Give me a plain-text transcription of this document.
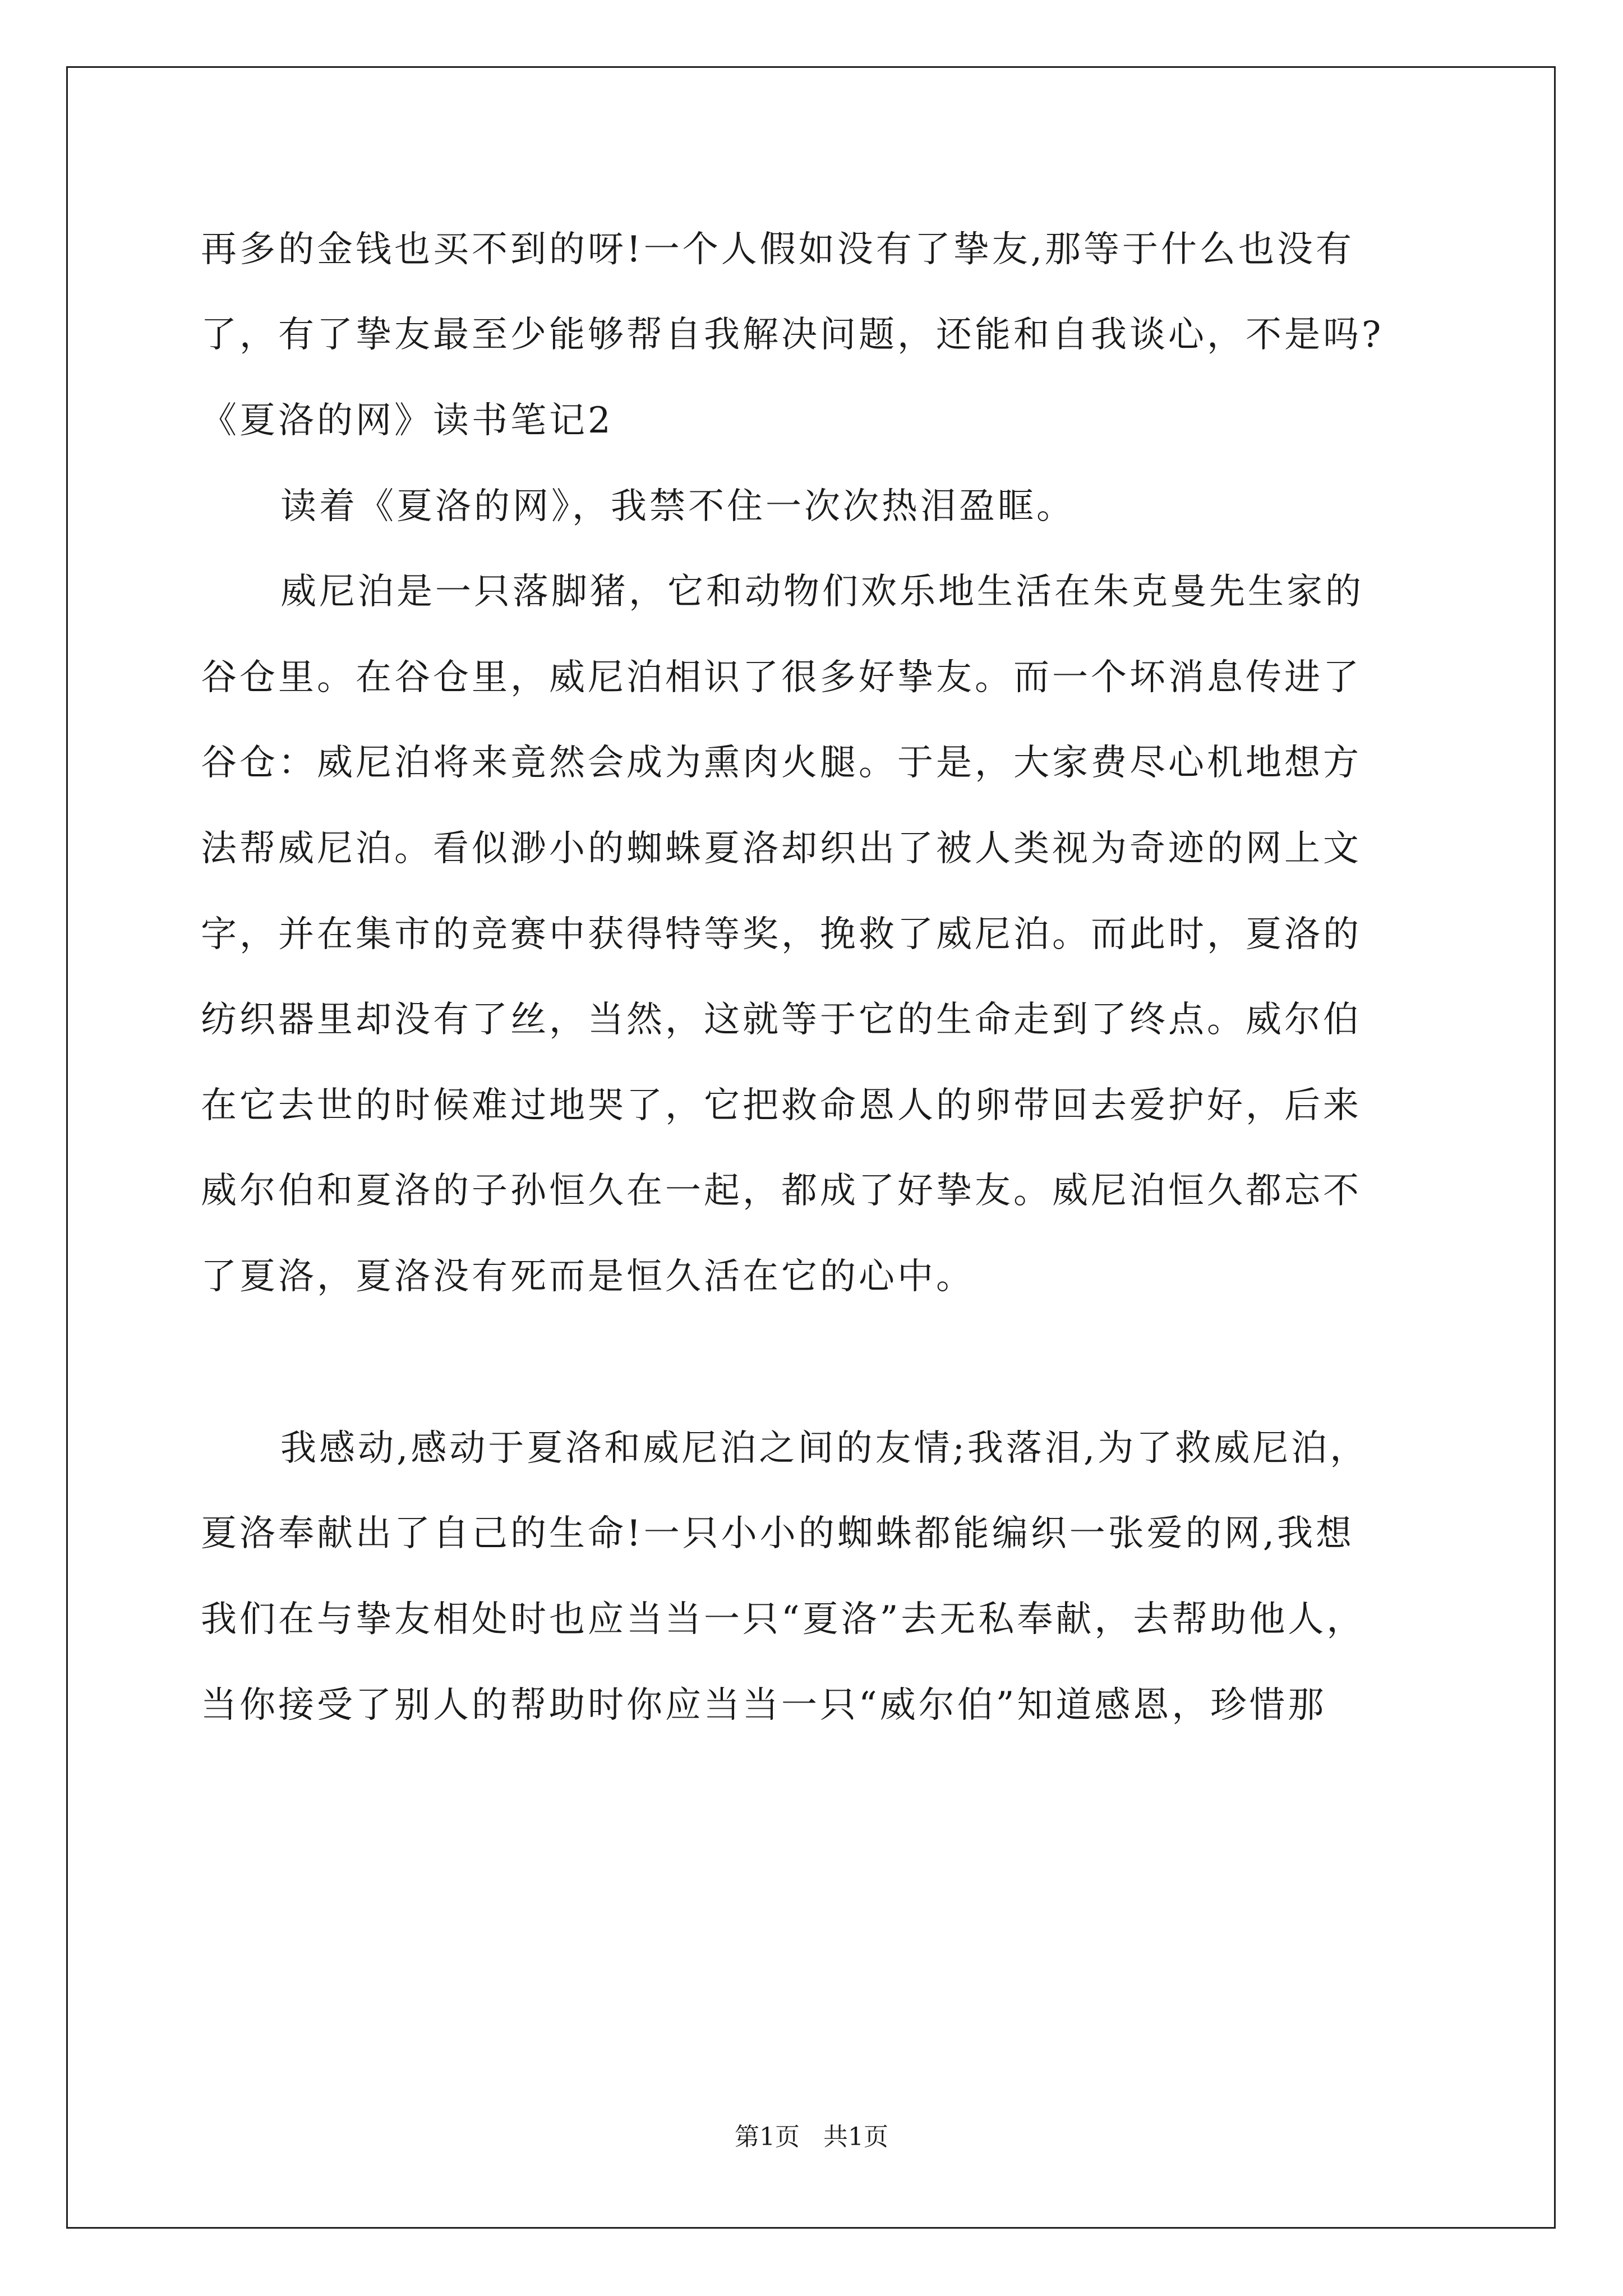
再多的金钱也买不到的呀!一个人假如没有了挚友,那等于什么也没有
了，有了挚友最至少能够帮自我解决问题，还能和自我谈心，不是吗?
《夏洛的网》读书笔记2
读着《夏洛的网》，我禁不住一次次热泪盈眶。
威尼泊是一只落脚猪，它和动物们欢乐地生活在朱克曼先生家的
谷仓里。在谷仓里，威尼泊相识了很多好挚友。而一个坏消息传进了
谷仓：威尼泊将来竟然会成为熏肉火腿。于是，大家费尽心机地想方
法帮威尼泊。看似渺小的蜘蛛夏洛却织出了被人类视为奇迹的网上文
字，并在集市的竞赛中获得特等奖，挽救了威尼泊。而此时，夏洛的
纺织器里却没有了丝，当然，这就等于它的生命走到了终点。威尔伯
在它去世的时候难过地哭了，它把救命恩人的卵带回去爱护好，后来
威尔伯和夏洛的子孙恒久在一起，都成了好挚友。威尼泊恒久都忘不
了夏洛，夏洛没有死而是恒久活在它的心中。
我感动,感动于夏洛和威尼泊之间的友情;我落泪,为了救威尼泊，
夏洛奉献出了自己的生命!一只小小的蜘蛛都能编织一张爱的网,我想
我们在与挚友相处时也应当当一只“夏洛”去无私奉献，去帮助他人，
当你接受了别人的帮助时你应当当一只“威尔伯”知道感恩，珍惜那
第1页 共1页
